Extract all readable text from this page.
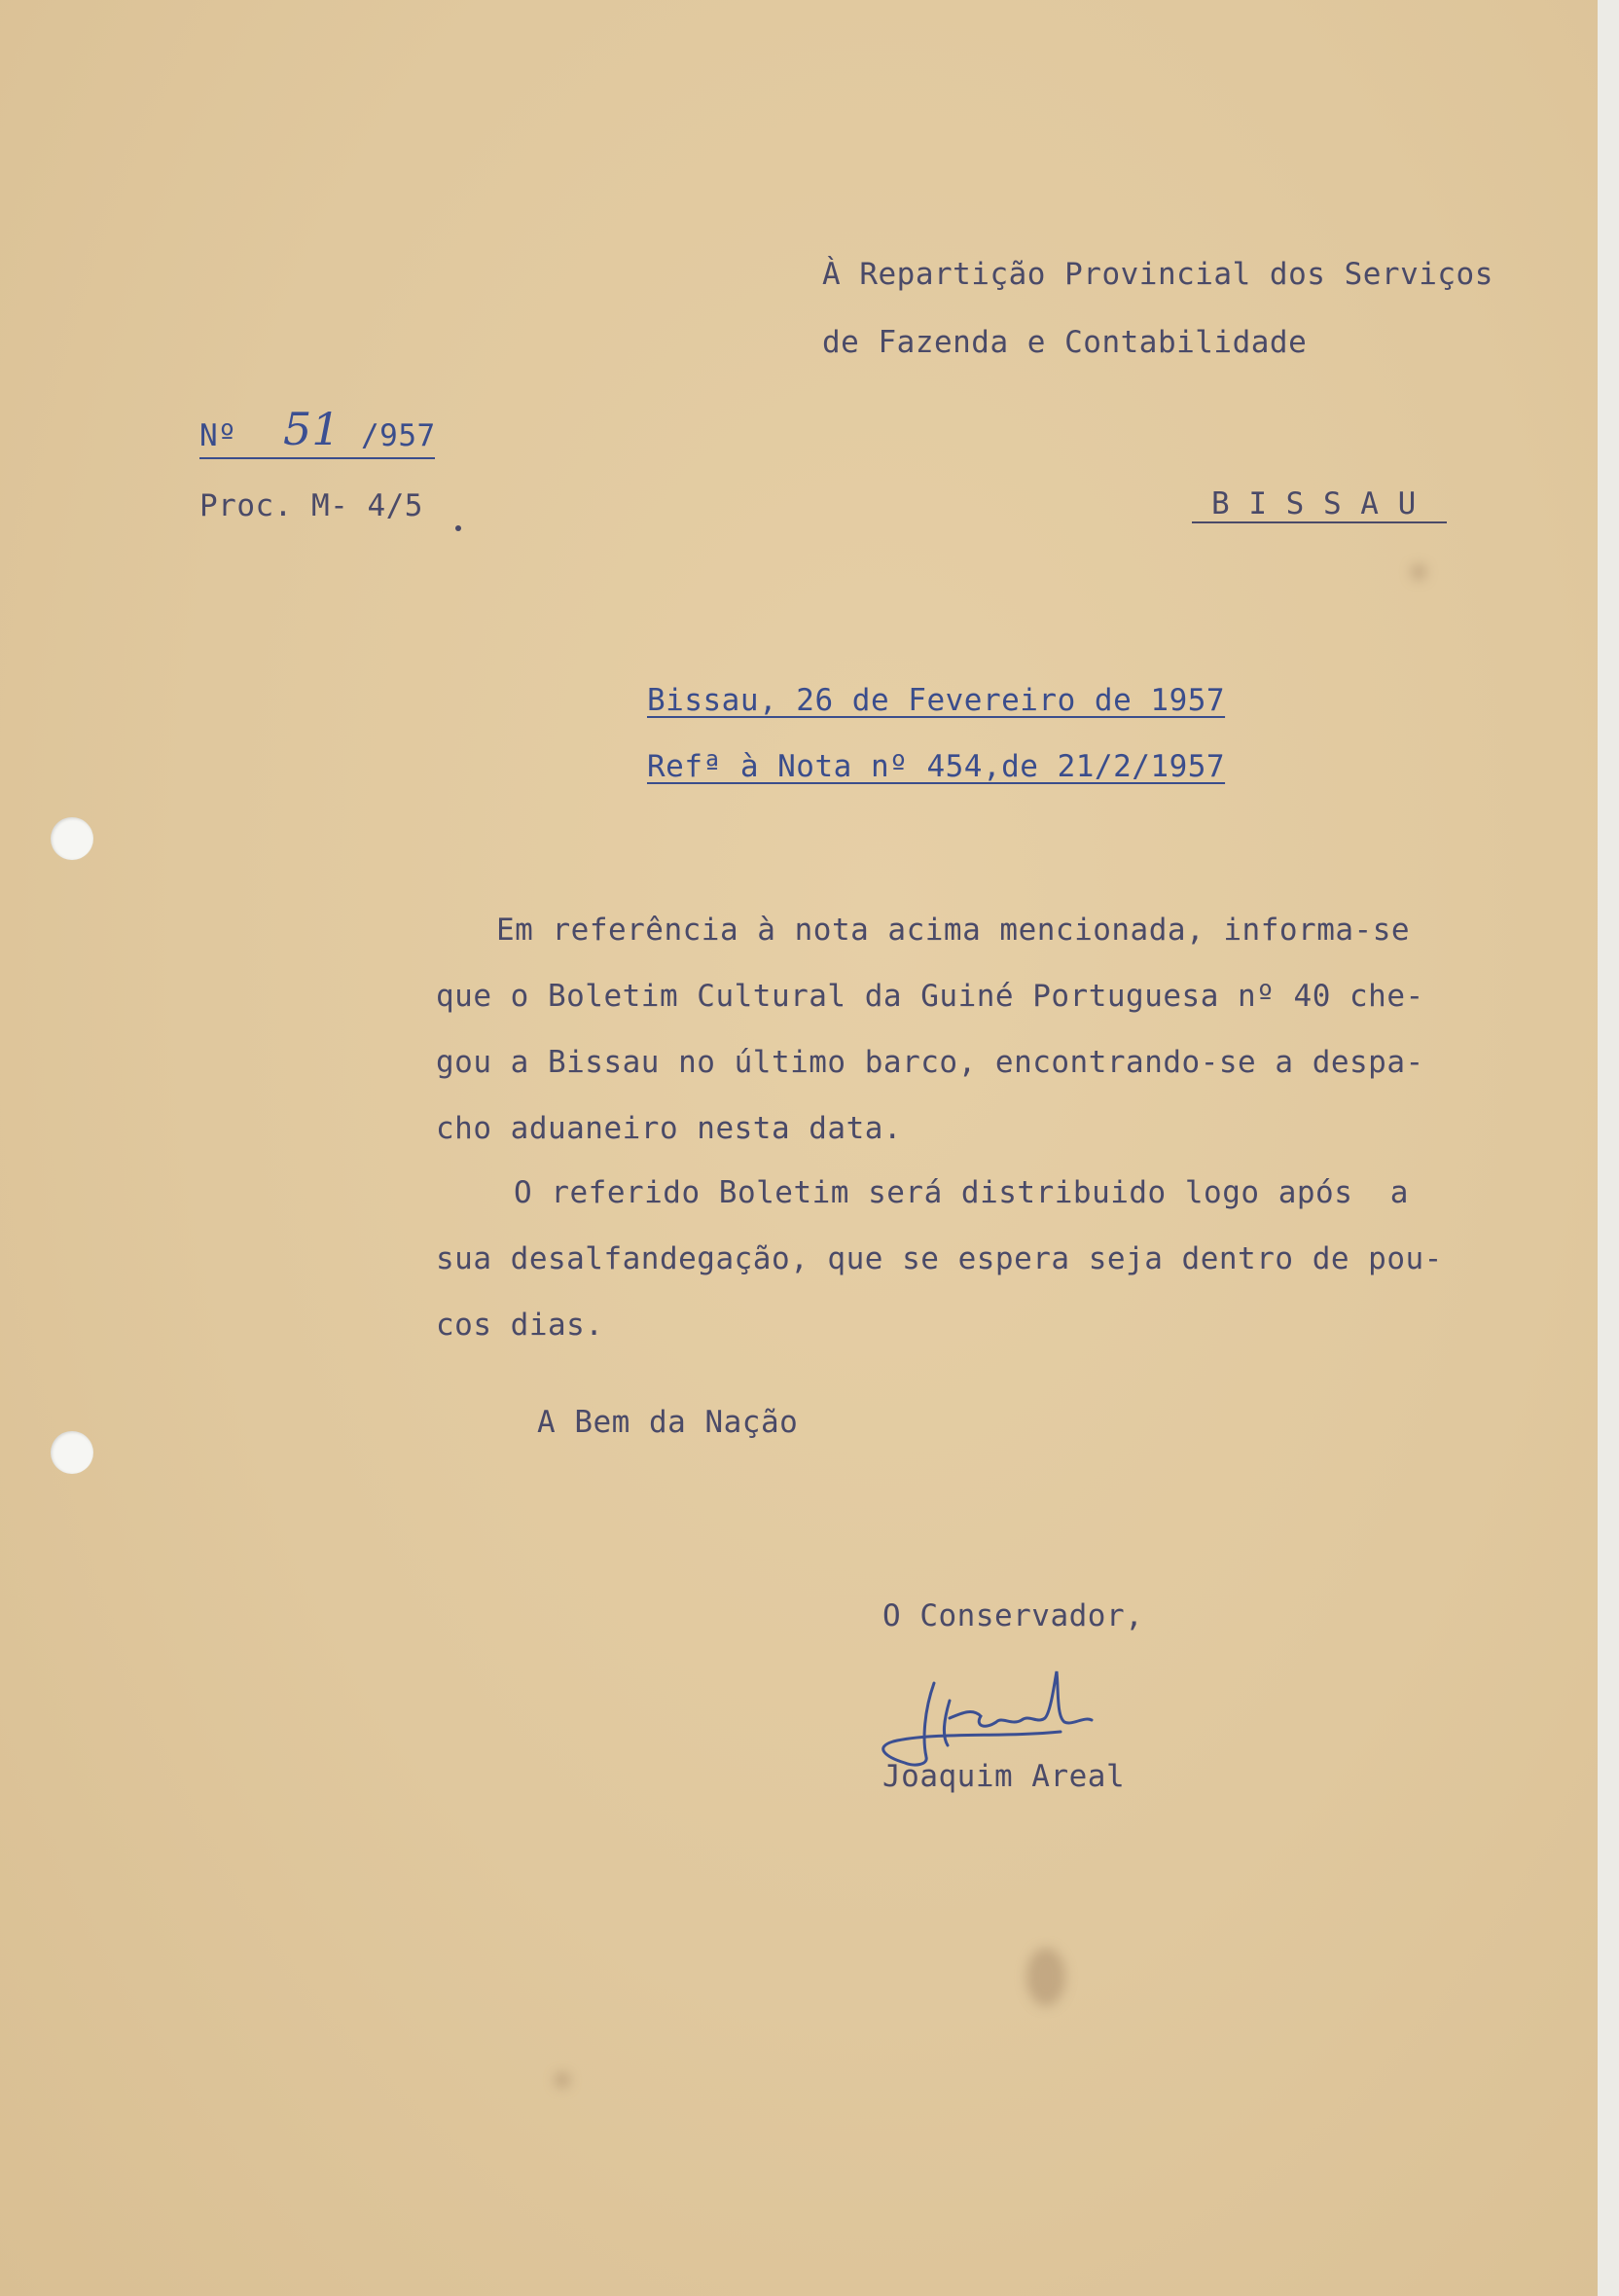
À Repartição Provincial dos Serviços
de Fazenda e Contabilidade
Nº 51 /957
Proc. M- 4/5	B I S S A U
Bissau, 26 de Fevereiro de 1957
Refª à Nota nº 454,de 21/2/1957
Em referência à nota acima mencionada, informa-se
que o Boletim Cultural da Guiné Portuguesa nº 40 che-
gou a Bissau no último barco, encontrando-se a despa-
cho aduaneiro nesta data.
O referido Boletim será distribuido logo após  a
sua desalfandegação, que se espera seja dentro de pou-
cos dias.
A Bem da Nação
O Conservador,
Joaquim Areal
